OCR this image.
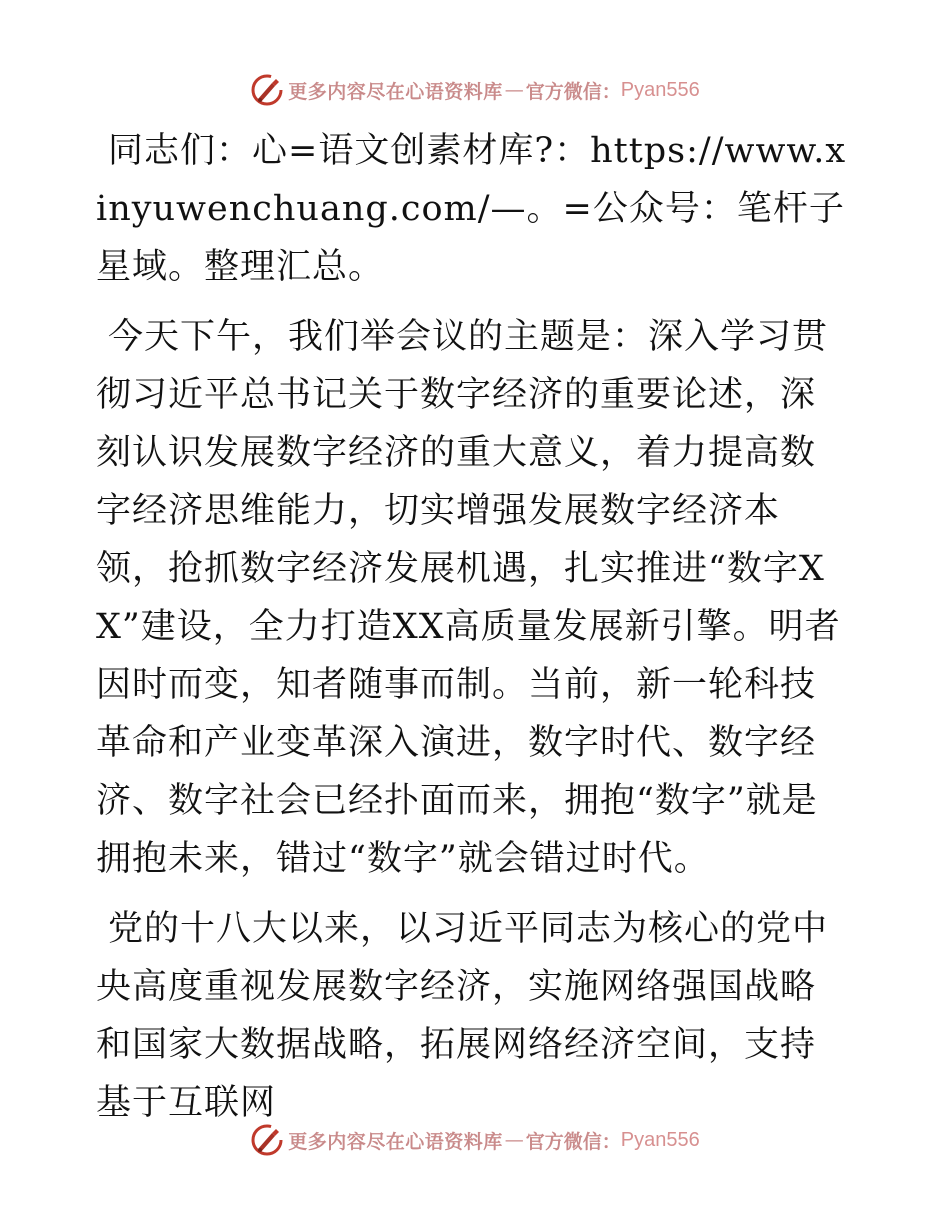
更多内容尽在心语资料库 — 官方微信： Pyan556

同志们：心=语文创素材库?：https://www.xinyuwenchuang.com/—。=公众号：笔杆子星域。整理汇总。

今天下午，我们举会议的主题是：深入学习贯彻习近平总书记关于数字经济的重要论述，深刻认识发展数字经济的重大意义，着力提高数字经济思维能力，切实增强发展数字经济本领，抢抓数字经济发展机遇，扎实推进“数字XX”建设，全力打造XX高质量发展新引擎。明者因时而变，知者随事而制。当前，新一轮科技革命和产业变革深入演进，数字时代、数字经济、数字社会已经扑面而来，拥抱“数字”就是拥抱未来，错过“数字”就会错过时代。

党的十八大以来，以习近平同志为核心的党中央高度重视发展数字经济，实施网络强国战略和国家大数据战略，拓展网络经济空间，支持基于互联网

更多内容尽在心语资料库 — 官方微信： Pyan556
